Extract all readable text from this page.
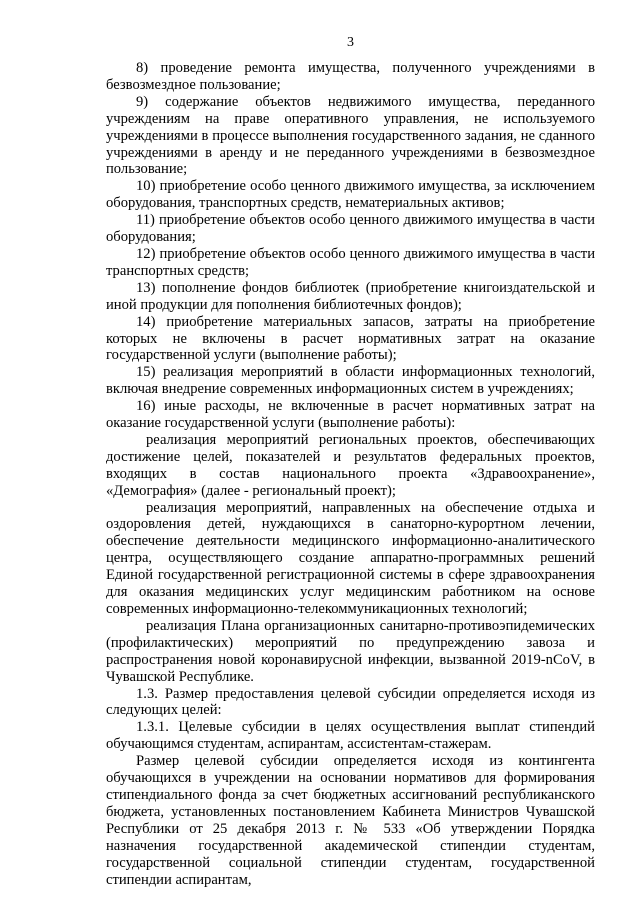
3

8) проведение ремонта имущества, полученного учреждениями в безвозмездное пользование;

9) содержание объектов недвижимого имущества, переданного учреждениям на праве оперативного управления, не используемого учреждениями в процессе выполнения государственного задания, не сданного учреждениями в аренду и не переданного учреждениями в безвозмездное пользование;

10) приобретение особо ценного движимого имущества, за исключением оборудования, транспортных средств, нематериальных активов;

11) приобретение объектов особо ценного движимого имущества в части оборудования;

12) приобретение объектов особо ценного движимого имущества в части транспортных средств;

13) пополнение фондов библиотек (приобретение книгоиздательской и иной продукции для пополнения библиотечных фондов);

14) приобретение материальных запасов, затраты на приобретение которых не включены в расчет нормативных затрат на оказание государственной услуги (выполнение работы);

15) реализация мероприятий в области информационных технологий, включая внедрение современных информационных систем в учреждениях;

16) иные расходы, не включенные в расчет нормативных затрат на оказание государственной услуги (выполнение работы):

реализация мероприятий региональных проектов, обеспечивающих достижение целей, показателей и результатов федеральных проектов, входящих в состав национального проекта «Здравоохранение», «Демография» (далее - региональный проект);

реализация мероприятий, направленных на обеспечение отдыха и оздоровления детей, нуждающихся в санаторно-курортном лечении, обеспечение деятельности медицинского информационно-аналитического центра, осуществляющего создание аппаратно-программных решений Единой государственной регистрационной системы в сфере здравоохранения для оказания медицинских услуг медицинским работником на основе современных информационно-телекоммуникационных технологий;

реализация Плана организационных санитарно-противоэпидемических (профилактических) мероприятий по предупреждению завоза и распространения новой коронавирусной инфекции, вызванной 2019-nCoV, в Чувашской Республике.

1.3. Размер предоставления целевой субсидии определяется исходя из следующих целей:

1.3.1. Целевые субсидии в целях осуществления выплат стипендий обучающимся студентам, аспирантам, ассистентам-стажерам.

Размер целевой субсидии определяется исходя из контингента обучающихся в учреждении на основании нормативов для формирования стипендиального фонда за счет бюджетных ассигнований республиканского бюджета, установленных постановлением Кабинета Министров Чувашской Республики от 25 декабря 2013 г. № 533 «Об утверждении Порядка назначения государственной академической стипендии студентам, государственной социальной стипендии студентам, государственной стипендии аспирантам,
